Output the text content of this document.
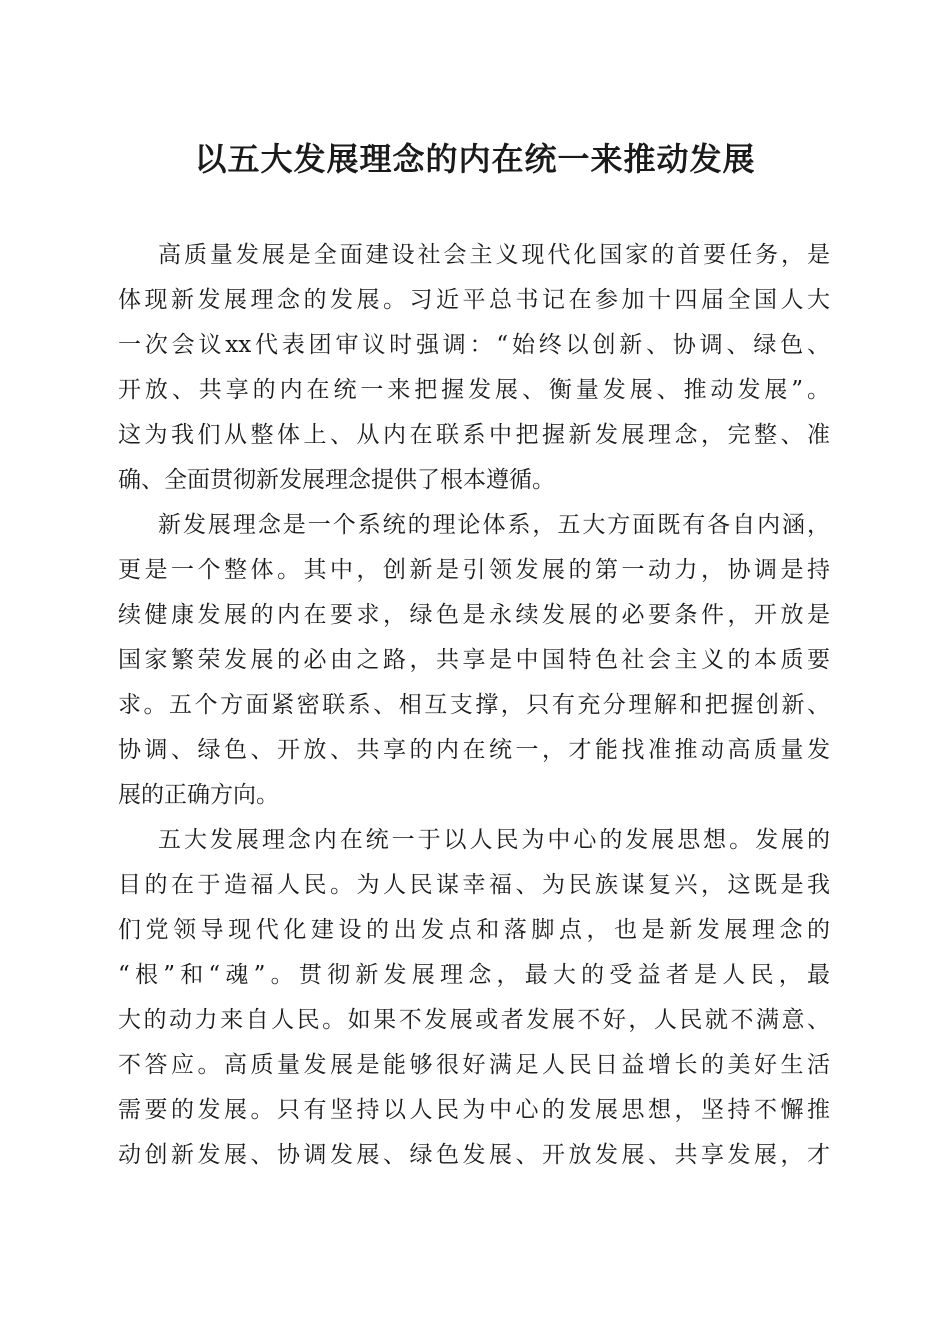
以五大发展理念的内在统一来推动发展
高质量发展是全面建设社会主义现代化国家的首要任务，是
体现新发展理念的发展。习近平总书记在参加十四届全国人大
一次会议xx代表团审议时强调：“始终以创新、协调、绿色、
开放、共享的内在统一来把握发展、衡量发展、推动发展”。
这为我们从整体上、从内在联系中把握新发展理念，完整、准
确、全面贯彻新发展理念提供了根本遵循。
新发展理念是一个系统的理论体系，五大方面既有各自内涵，
更是一个整体。其中，创新是引领发展的第一动力，协调是持
续健康发展的内在要求，绿色是永续发展的必要条件，开放是
国家繁荣发展的必由之路，共享是中国特色社会主义的本质要
求。五个方面紧密联系、相互支撑，只有充分理解和把握创新、
协调、绿色、开放、共享的内在统一，才能找准推动高质量发
展的正确方向。
五大发展理念内在统一于以人民为中心的发展思想。发展的
目的在于造福人民。为人民谋幸福、为民族谋复兴，这既是我
们党领导现代化建设的出发点和落脚点，也是新发展理念的
“根”和“魂”。贯彻新发展理念，最大的受益者是人民，最
大的动力来自人民。如果不发展或者发展不好，人民就不满意、
不答应。高质量发展是能够很好满足人民日益增长的美好生活
需要的发展。只有坚持以人民为中心的发展思想，坚持不懈推
动创新发展、协调发展、绿色发展、开放发展、共享发展，才
